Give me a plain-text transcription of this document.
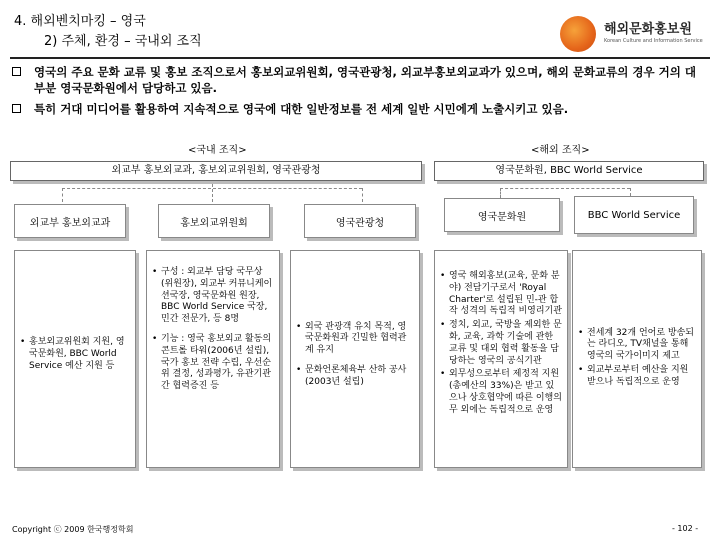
4. 해외벤치마킹 – 영국
2) 주체, 환경 – 국내외 조직
해외문화홍보원
Korean Culture and Information Service
영국의 주요 문화 교류 및 홍보 조직으로서 홍보외교위원회, 영국관광청, 외교부홍보외교과가 있으며, 해외 문화교류의 경우 거의 대부분 영국문화원에서 담당하고 있음.
특히 거대 미디어를 활용하여 지속적으로 영국에 대한 일반정보를 전 세계 일반 시민에게 노출시키고 있음.
<국내 조직>	<해외 조직>
외교부 홍보외교과, 홍보외교위원회, 영국관광청	영국문화원, BBC World Service
외교부 홍보외교과	홍보외교위원회	영국관광청
영국문화원	BBC World Service
• 홍보외교위원회 지원, 영국문화원, BBC World Service 예산 지원 등
• 구성 : 외교부 담당 국무상(위원장), 외교부 커뮤니케이션국장, 영국문화원 원장, BBC World Service 국장, 민간 전문가, 등 8명
• 기능 : 영국 홍보외교 활동의 콘트롤 타워(2006년 설립), 국가 홍보 전략 수립, 우선순위 결정, 성과평가, 유관기관 간 협력증진 등
• 외국 관광객 유치 목적, 영국문화원과 긴밀한 협력관계 유지
• 문화언론체육부 산하 공사(2003년 설립)
• 영국 해외홍보(교육, 문화 분야) 전담기구로서 'Royal Charter'로 설립된 민-관 합작 성격의 독립적 비영리기관
• 정치, 외교, 국방을 제외한 문화, 교육, 과학 기술에 관한 교류 및 대외 협력 활동을 담당하는 영국의 공식기관
• 외무성으로부터 제정적 지원(총예산의 33%)은 받고 있으나 상호협약에 따른 이행의무 외에는 독립적으로 운영
• 전세계 32개 언어로 방송되는 라디오, TV채널을 통해 영국의 국가이미지 제고
• 외교부로부터 예산을 지원받으나 독립적으로 운영
Copyright ⓒ 2009 한국행정학회	- 102 -
